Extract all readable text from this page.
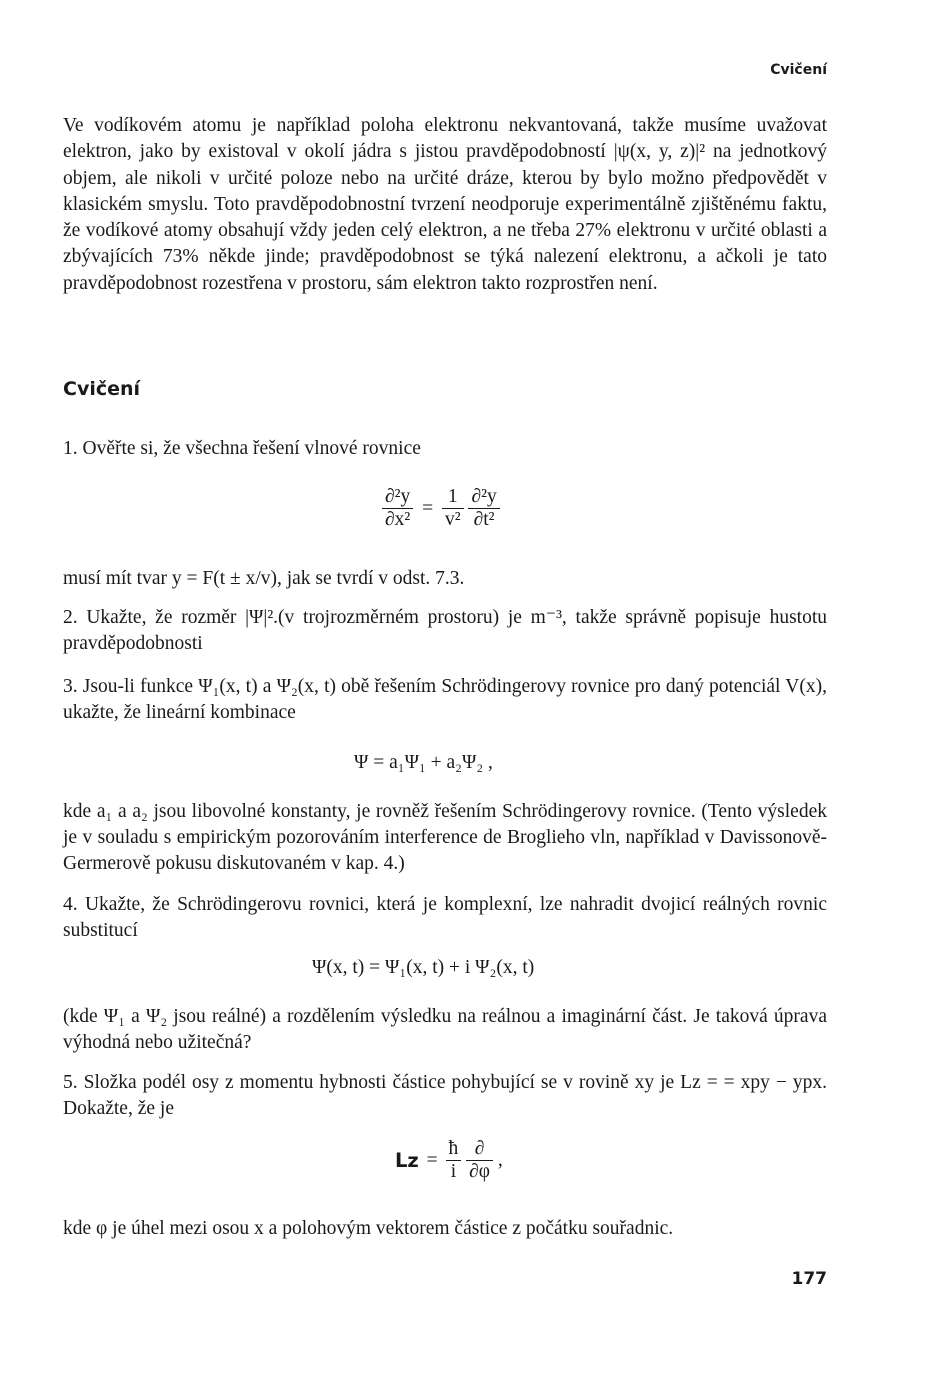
Cvičení
Ve vodíkovém atomu je například poloha elektronu nekvantovaná, takže musíme uvažovat elektron, jako by existoval v okolí jádra s jistou pravděpodobností |ψ(x, y, z)|² na jednotkový objem, ale nikoli v určité poloze nebo na určité dráze, kterou by bylo možno předpovědět v klasickém smyslu. Toto pravděpodobnostní tvrzení neodporuje experimentálně zjištěnému faktu, že vodíkové atomy obsahují vždy jeden celý elektron, a ne třeba 27% elektronu v určité oblasti a zbývajících 73% někde jinde; pravděpodobnost se týká nalezení elektronu, a ačkoli je tato pravděpodobnost rozestřena v prostoru, sám elektron takto rozprostřen není.
Cvičení
1. Ověřte si, že všechna řešení vlnové rovnice
$\frac{\text{∂²y}}{\text{∂x²}} = \frac{1}{\text{v²}}$
$\frac{\text{∂²y}}{\text{∂t²}}$
musí mít tvar y = F(t ± x/v), jak se tvrdí v odst. 7.3.
2. Ukažte, že rozměr |Ψ|².(v trojrozměrném prostoru) je m⁻³, takže správně popisuje hustotu pravděpodobnosti
3. Jsou-li funkce Ψ₁(x, t) a Ψ₂(x, t) obě řešením Schrödingerovy rovnice pro daný potenciál V(x), ukažte, že lineární kombinace
Ψ = a₁Ψ₁ + a₂Ψ₂ ,
kde a₁ a a₂ jsou libovolné konstanty, je rovněž řešením Schrödingerovy rovnice. (Tento výsledek je v souladu s empirickým pozorováním interference de Broglieho vln, například v Davissonově-Germerově pokusu diskutovaném v kap. 4.)
4. Ukažte, že Schrödingerovu rovnici, která je komplexní, lze nahradit dvojicí reálných rovnic substitucí
Ψ(x, t) = Ψ₁(x, t) + i Ψ₂(x, t)
(kde Ψ₁ a Ψ₂ jsou reálné) a rozdělením výsledku na reálnou a imaginární část. Je taková úprava výhodná nebo užitečná?
5. Složka podél osy z momentu hybnosti částice pohybující se v rovině xy je Lz = = xpy − ypx. Dokažte, že je
$Lz = \frac{ħ}{i}$
$\frac{\partial}{\partial\varphi}$ ,
kde φ je úhel mezi osou x a polohovým vektorem částice z počátku souřadnic.
177
